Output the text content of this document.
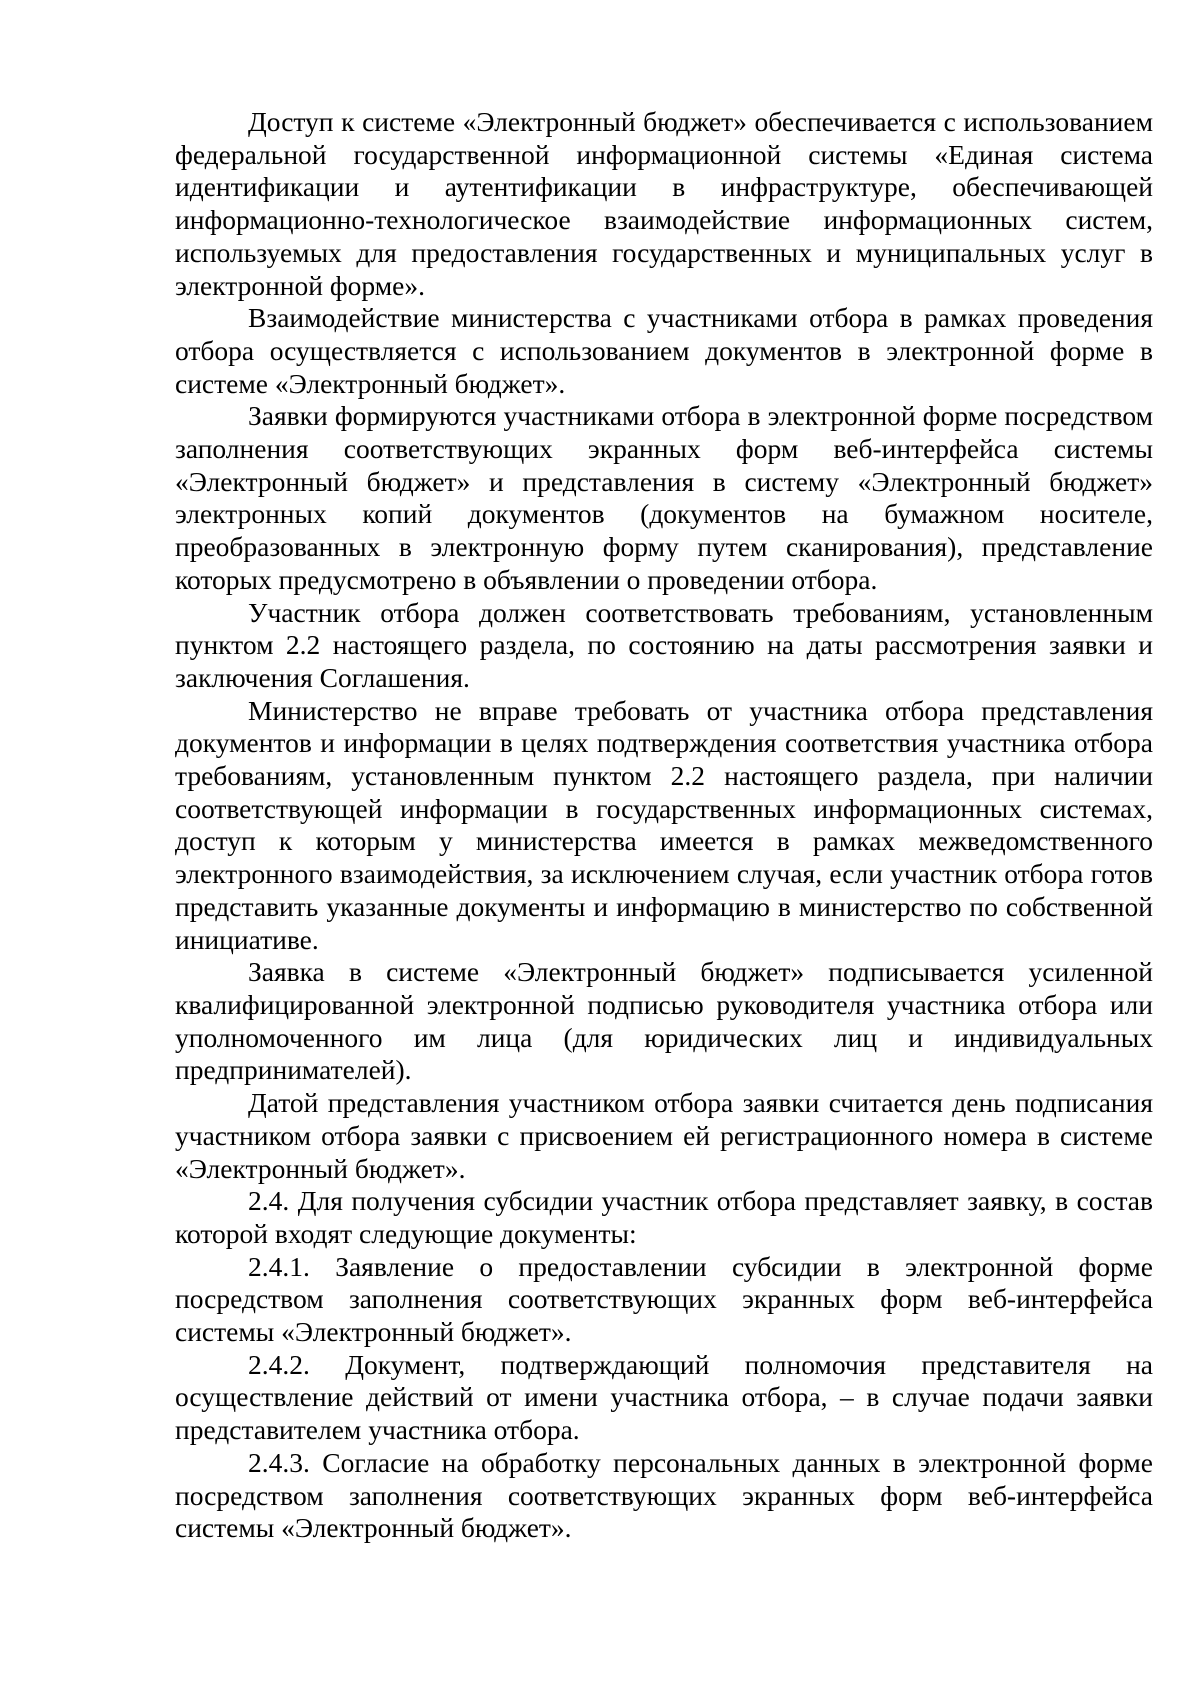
Доступ к системе «Электронный бюджет» обеспечивается с использованием федеральной государственной информационной системы «Единая система идентификации и аутентификации в инфраструктуре, обеспечивающей информационно-технологическое взаимодействие информационных систем, используемых для предоставления государственных и муниципальных услуг в электронной форме».

Взаимодействие министерства с участниками отбора в рамках проведения отбора осуществляется с использованием документов в электронной форме в системе «Электронный бюджет».

Заявки формируются участниками отбора в электронной форме посредством заполнения соответствующих экранных форм веб-интерфейса системы «Электронный бюджет» и представления в систему «Электронный бюджет» электронных копий документов (документов на бумажном носителе, преобразованных в электронную форму путем сканирования), представление которых предусмотрено в объявлении о проведении отбора.

Участник отбора должен соответствовать требованиям, установленным пунктом 2.2 настоящего раздела, по состоянию на даты рассмотрения заявки и заключения Соглашения.

Министерство не вправе требовать от участника отбора представления документов и информации в целях подтверждения соответствия участника отбора требованиям, установленным пунктом 2.2 настоящего раздела, при наличии соответствующей информации в государственных информационных системах, доступ к которым у министерства имеется в рамках межведомственного электронного взаимодействия, за исключением случая, если участник отбора готов представить указанные документы и информацию в министерство по собственной инициативе.

Заявка в системе «Электронный бюджет» подписывается усиленной квалифицированной электронной подписью руководителя участника отбора или уполномоченного им лица (для юридических лиц и индивидуальных предпринимателей).

Датой представления участником отбора заявки считается день подписания участником отбора заявки с присвоением ей регистрационного номера в системе «Электронный бюджет».

2.4. Для получения субсидии участник отбора представляет заявку, в состав которой входят следующие документы:

2.4.1. Заявление о предоставлении субсидии в электронной форме посредством заполнения соответствующих экранных форм веб-интерфейса системы «Электронный бюджет».

2.4.2. Документ, подтверждающий полномочия представителя на осуществление действий от имени участника отбора, – в случае подачи заявки представителем участника отбора.

2.4.3. Согласие на обработку персональных данных в электронной форме посредством заполнения соответствующих экранных форм веб-интерфейса системы «Электронный бюджет».
